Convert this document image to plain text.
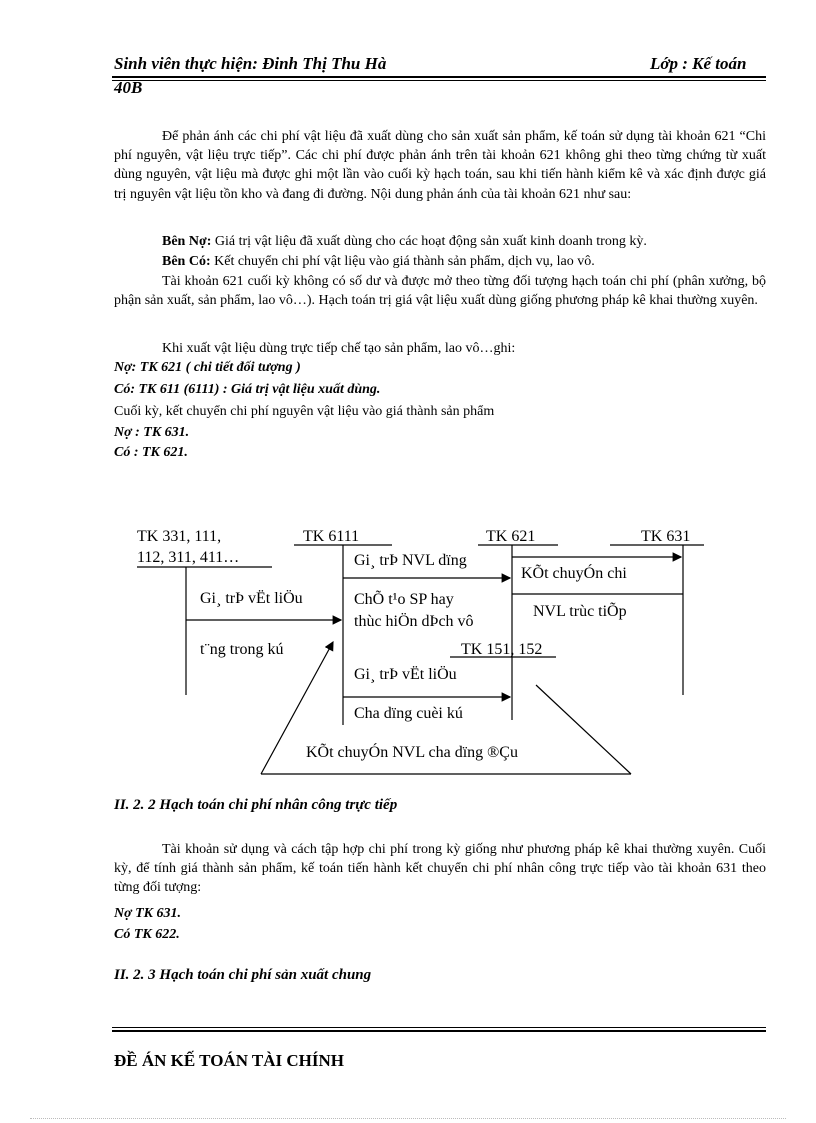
Sinh viên thực hiện: Đinh Thị Thu Hà	Lớp : Kế toán
40B
Để phản ánh các chi phí vật liệu đã xuất dùng cho sản xuất sản phẩm, kế toán sử dụng tài khoản 621 “Chi phí nguyên, vật liệu trực tiếp”. Các chi phí được phản ánh trên tài khoản 621 không ghi theo từng chứng từ xuất dùng nguyên, vật liệu mà được ghi một lần vào cuối kỳ hạch toán, sau khi tiến hành kiểm kê và xác định được giá trị nguyên vật liệu tồn kho và đang đi đường. Nội dung phản ánh của tài khoản 621 như sau:
Bên Nợ: Giá trị vật liệu đã xuất dùng cho các hoạt động sản xuất kinh doanh trong kỳ.
Bên Có: Kết chuyển chi phí vật liệu vào giá thành sản phẩm, dịch vụ, lao vô.
Tài khoản 621 cuối kỳ không có số dư và được mở theo từng đối tượng hạch toán chi phí (phân xưởng, bộ phận sản xuất, sản phẩm, lao vô…). Hạch toán trị giá vật liệu xuất dùng giống phương pháp kê khai thường xuyên.
Khi xuất vật liệu dùng trực tiếp chế tạo sản phẩm, lao vô…ghi:
Nợ: TK 621 ( chi tiết đối tượng )
Có: TK 611 (6111) : Giá trị vật liệu xuất dùng.
Cuối kỳ, kết chuyển chi phí nguyên vật liệu vào giá thành sản phẩm
Nợ : TK 631.
Có : TK 621.
TK 331, 111,
112, 311, 411…
TK 6111	TK 621	TK 631
TK 151, 152
Gi¸ trÞ vËt liÖu
t¨ng trong kú
Gi¸ trÞ NVL dïng
ChÕ t¹o SP hay
thùc hiÖn dÞch vô
KÕt chuyÓn chi
NVL trùc tiÕp
Gi¸ trÞ vËt liÖu
Cha dïng cuèi kú
KÕt chuyÓn NVL cha dïng ®Çu
II. 2. 2 Hạch toán chi phí nhân công trực tiếp
Tài khoản sử dụng và cách tập hợp chi phí trong kỳ giống như phương pháp kê khai thường xuyên. Cuối kỳ, để tính giá thành sản phẩm, kế toán tiến hành kết chuyển chi phí nhân công trực tiếp vào tài khoản 631 theo từng đối tượng:
Nợ TK 631.
Có TK 622.
II. 2. 3 Hạch toán chi phí sản xuất chung
ĐỀ ÁN KẾ TOÁN TÀI CHÍNH
